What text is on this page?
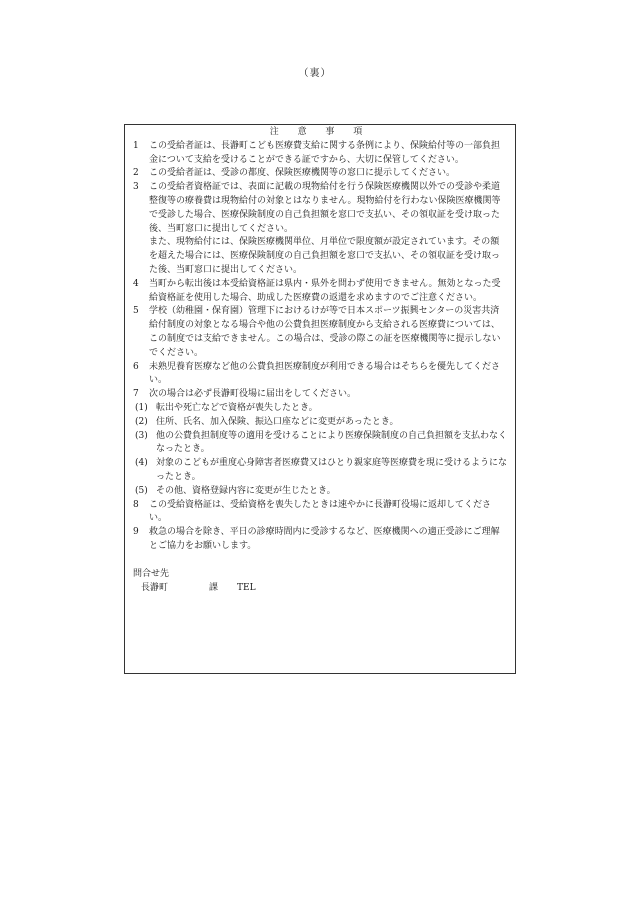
（裏）
注 意 事 項
1	この受給者証は、長瀞町こども医療費支給に関する条例により、保険給付等の一部負担金について支給を受けることができる証ですから、大切に保管してください。

2	この受給者証は、受診の都度、保険医療機関等の窓口に提示してください。

3	この受給者資格証では、表面に記載の現物給付を行う保険医療機関以外での受診や柔道整復等の療養費は現物給付の対象とはなりません。現物給付を行わない保険医療機関等で受診した場合、医療保険制度の自己負担額を窓口で支払い、その領収証を受け取った後、当町窓口に提出してください。

また、現物給付には、保険医療機関単位、月単位で限度額が設定されています。その額を超えた場合には、医療保険制度の自己負担額を窓口で支払い、その領収証を受け取った後、当町窓口に提出してください。

4	当町から転出後は本受給資格証は県内・県外を問わず使用できません。無効となった受給資格証を使用した場合、助成した医療費の返還を求めますのでご注意ください。

5	学校（幼稚園・保育園）管理下におけるけが等で日本スポーツ振興センターの災害共済給付制度の対象となる場合や他の公費負担医療制度から支給される医療費については、この制度では支給できません。この場合は、受診の際この証を医療機関等に提示しないでください。

6	未熟児養育医療など他の公費負担医療制度が利用できる場合はそちらを優先してください。

7	次の場合は必ず長瀞町役場に届出をしてください。

(1) 転出や死亡などで資格が喪失したとき。
(2) 住所、氏名、加入保険、振込口座などに変更があったとき。
(3) 他の公費負担制度等の適用を受けることにより医療保険制度の自己負担額を支払わなくなったとき。
(4) 対象のこどもが重度心身障害者医療費又はひとり親家庭等医療費を現に受けるようになったとき。
(5) その他、資格登録内容に変更が生じたとき。
8	この受給資格証は、受給資格を喪失したときは速やかに長瀞町役場に返却してください。

9	救急の場合を除き、平日の診療時間内に受診するなど、医療機関への適正受診にご理解とご協力をお願いします。

問合せ先
長瀞町	課	TEL
